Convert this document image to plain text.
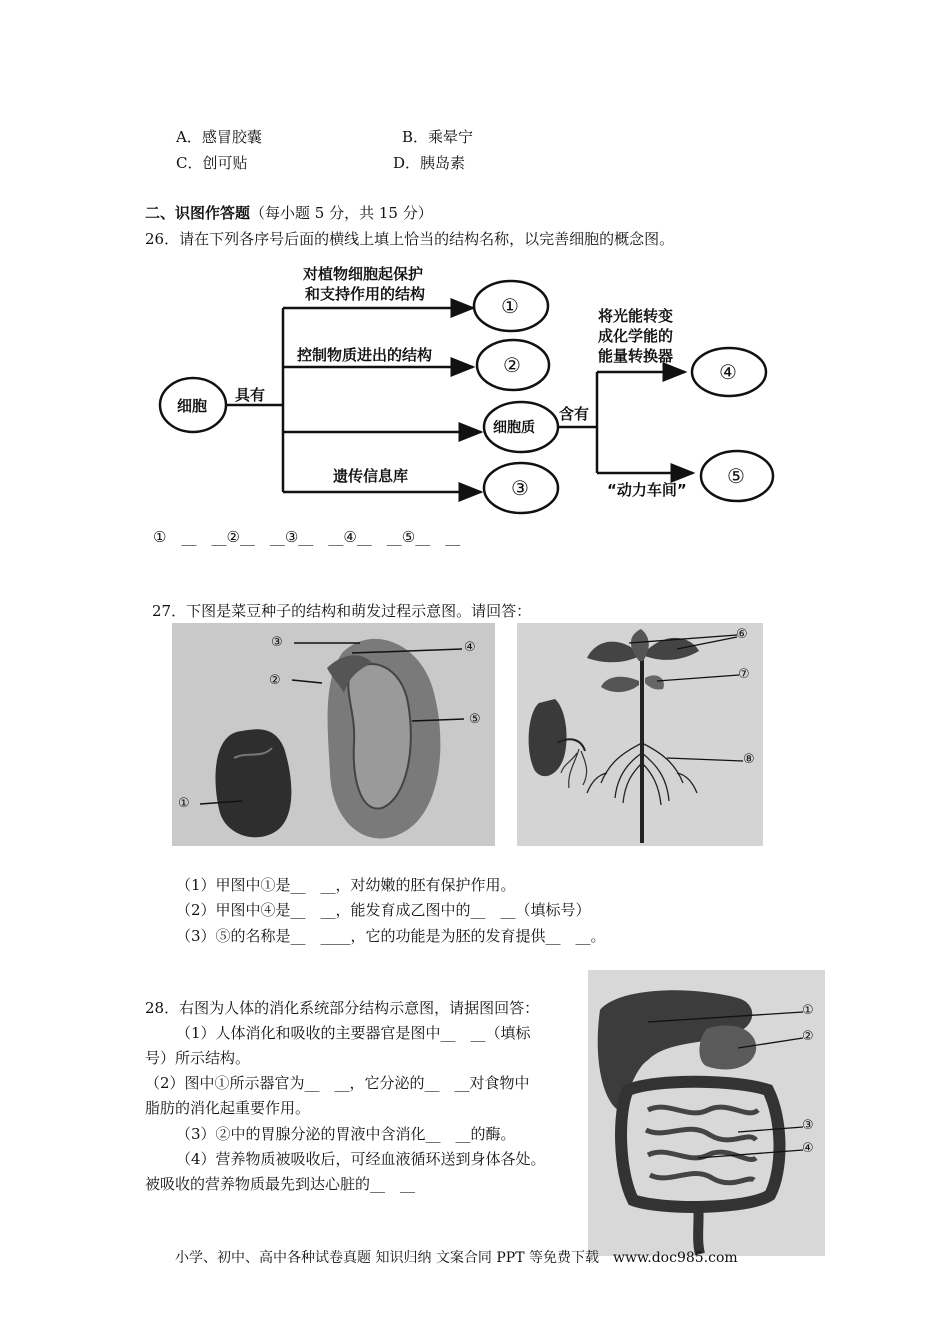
A．感冒胶囊	B．乘晕宁
C．创可贴	D．胰岛素
二、识图作答题（每小题 5 分，共 15 分）
26．请在下列各序号后面的横线上填上恰当的结构名称，以完善细胞的概念图。
细胞
具有
对植物细胞起保护
和支持作用的结构
控制物质进出的结构
遗传信息库
细胞质
含有
将光能转变
成化学能的
能量转换器
“动力车间”
①
②
③
④
⑤
①　__　__②__　__③__　__④__　__⑤__　__
27．下图是菜豆种子的结构和萌发过程示意图。请回答：
③
②
④
⑤
①
⑥
⑦
⑧
（1）甲图中①是__　__，对幼嫩的胚有保护作用。
（2）甲图中④是__　__，能发育成乙图中的__　__（填标号）
（3）⑤的名称是__　____，它的功能是为胚的发育提供__　__。
28．右图为人体的消化系统部分结构示意图，请据图回答：
（1）人体消化和吸收的主要器官是图中__　__（填标
号）所示结构。
（2）图中①所示器官为__　__，它分泌的__　__对食物中
脂肪的消化起重要作用。
（3）②中的胃腺分泌的胃液中含消化__　__的酶。
（4）营养物质被吸收后，可经血液循环送到身体各处。
被吸收的营养物质最先到达心脏的__　__
①
②
③
④
小学、初中、高中各种试卷真题 知识归纳 文案合同 PPT 等免费下载　www.doc985.com
